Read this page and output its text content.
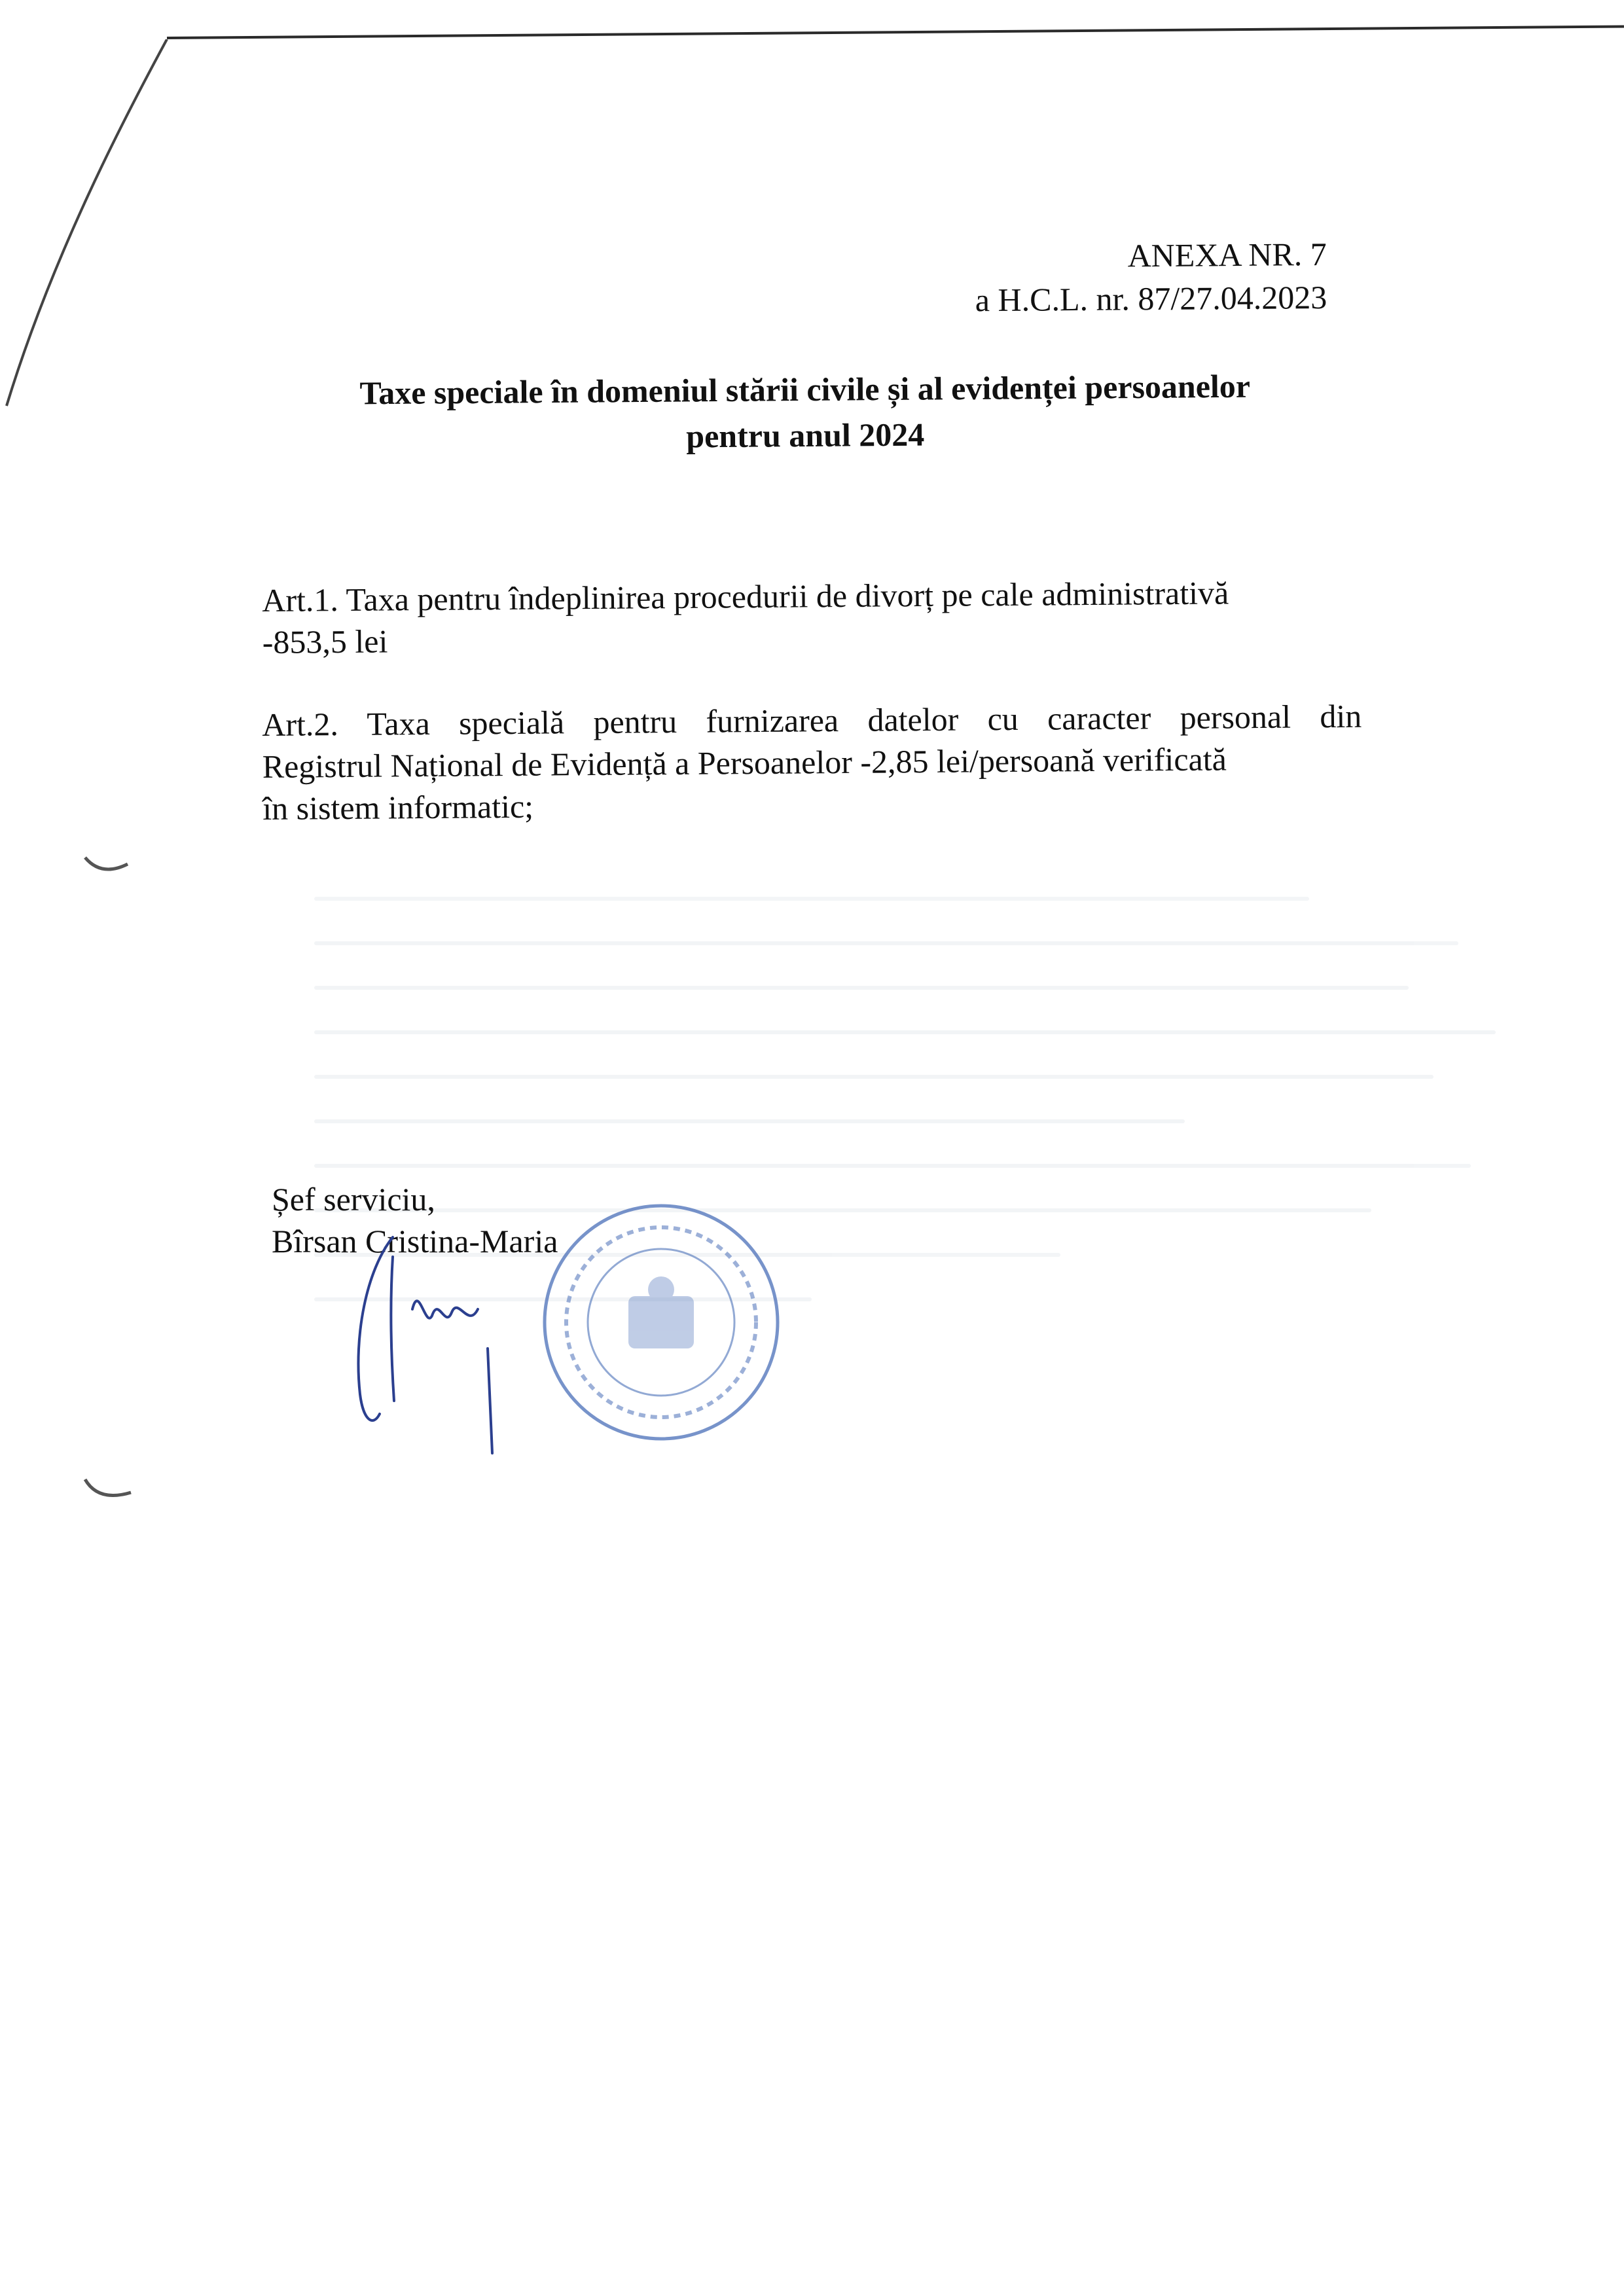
ANEXA NR. 7
a H.C.L. nr. 87/27.04.2023
Taxe speciale în domeniul stării civile și al evidenței persoanelor
pentru anul 2024
Art.1. Taxa pentru îndeplinirea procedurii de divorț pe cale administrativă
-853,5 lei
Art.2. Taxa specială pentru furnizarea datelor cu caracter personal din
Registrul Național de Evidență a Persoanelor -2,85 lei/persoană verificată
în sistem informatic;
Șef serviciu,
Bîrsan Cristina-Maria
